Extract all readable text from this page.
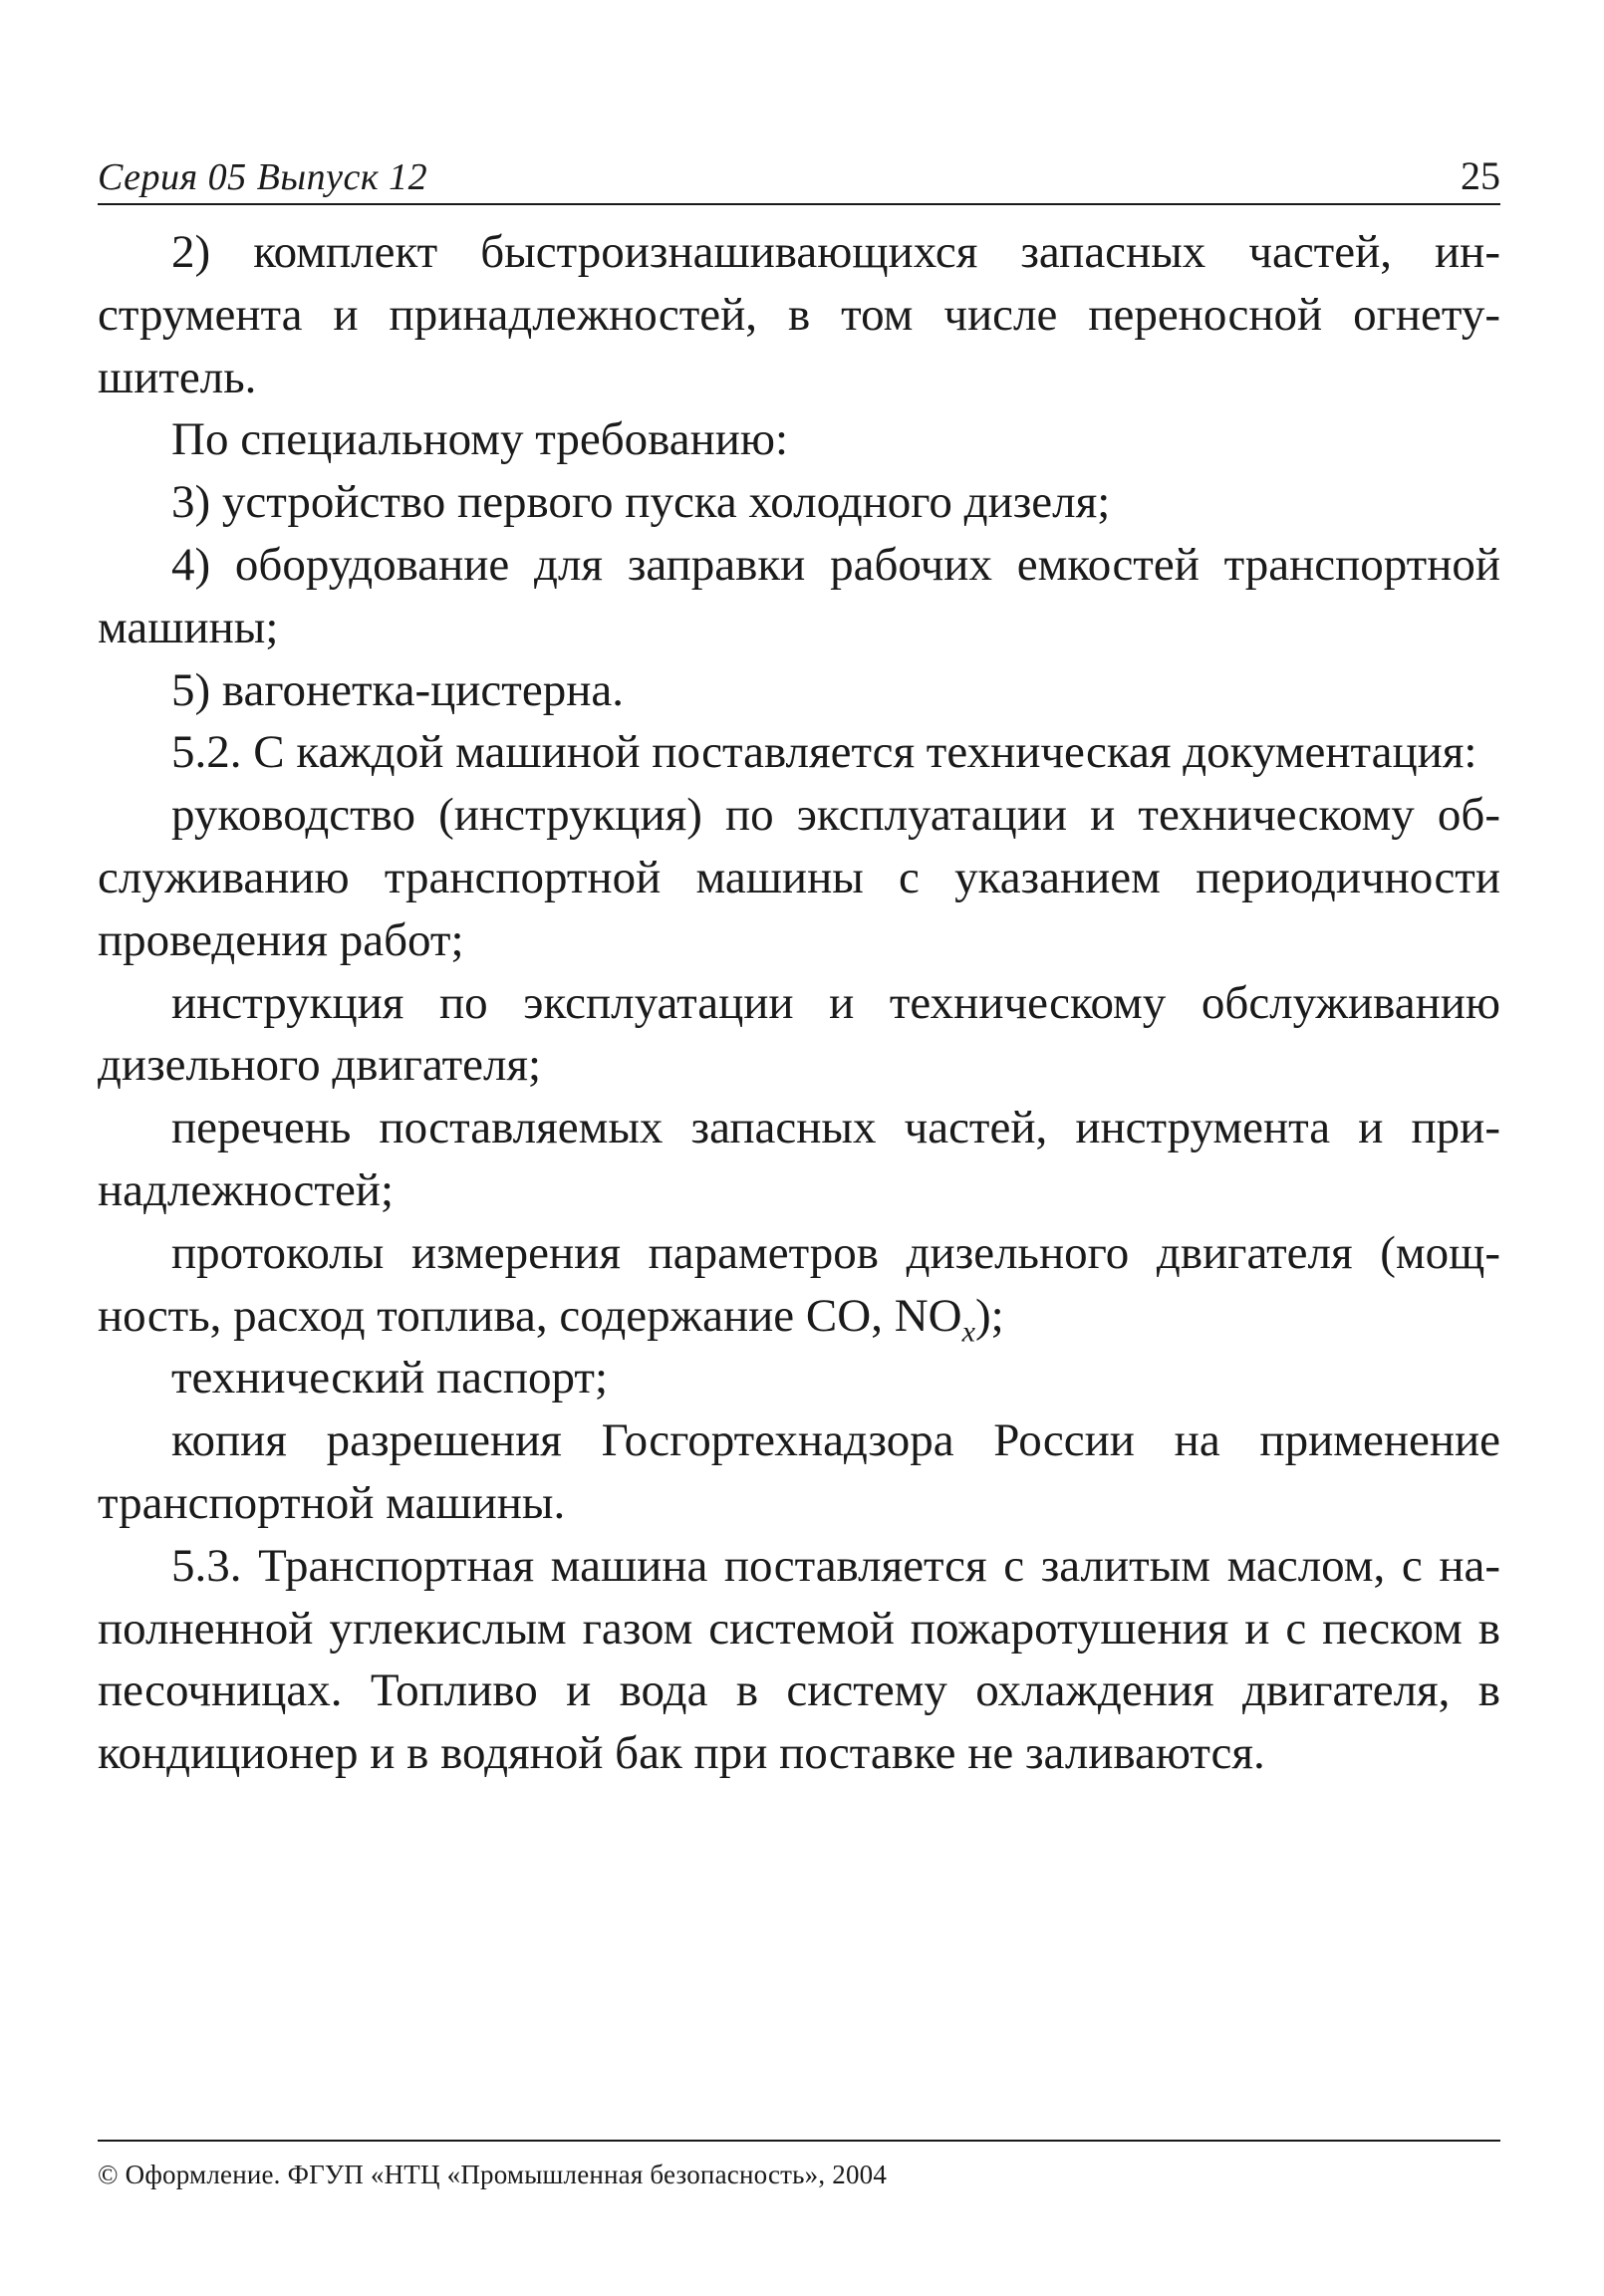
Серия 05 Выпуск 12	25

2) комплект быстроизнашивающихся запасных частей, инструмента и принадлежностей, в том числе переносной огнетушитель.

По специальному требованию:

3) устройство первого пуска холодного дизеля;

4) оборудование для заправки рабочих емкостей транспортной машины;

5) вагонетка-цистерна.

5.2. С каждой машиной поставляется техническая документация:

руководство (инструкция) по эксплуатации и техническому обслуживанию транспортной машины с указанием периодичности проведения работ;

инструкция по эксплуатации и техническому обслуживанию дизельного двигателя;

перечень поставляемых запасных частей, инструмента и принадлежностей;

протоколы измерения параметров дизельного двигателя (мощность, расход топлива, содержание CO, $NO_x$);

технический паспорт;

копия разрешения Госгортехнадзора России на применение транспортной машины.

5.3. Транспортная машина поставляется с залитым маслом, с наполненной углекислым газом системой пожаротушения и с песком в песочницах. Топливо и вода в систему охлаждения двигателя, в кондиционер и в водяной бак при поставке не заливаются.

© Оформление. ФГУП «НТЦ «Промышленная безопасность», 2004
